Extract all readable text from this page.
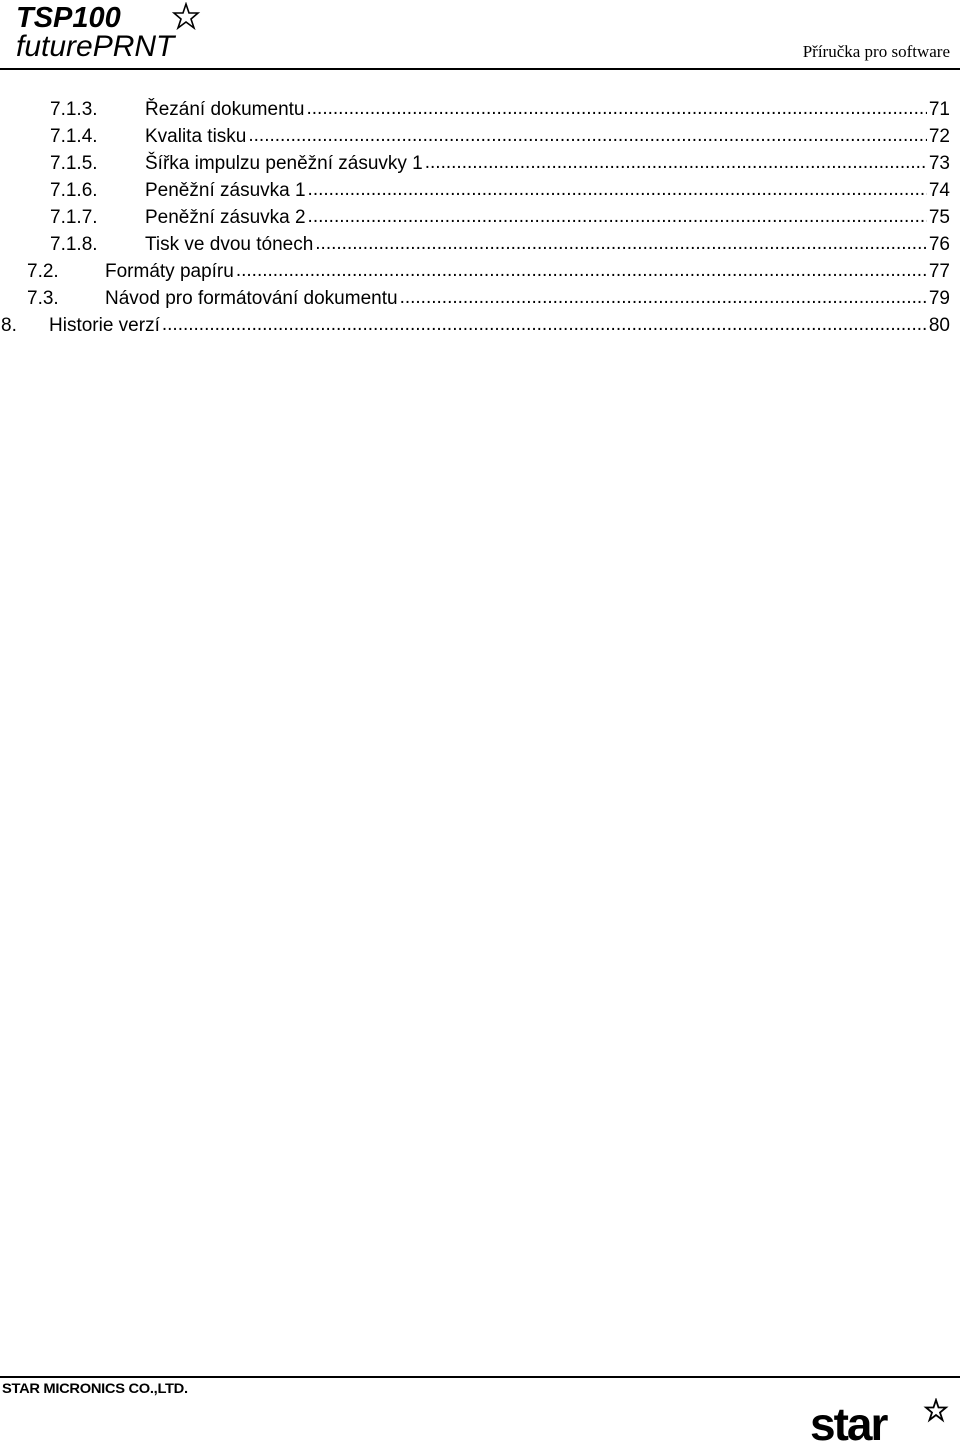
TSP100
futurePRNT	Příručka pro software
7.1.3.	Řezání dokumentu .....	71
7.1.4.	Kvalita tisku .....	72
7.1.5.	Šířka impulzu peněžní zásuvky 1 .....	73
7.1.6.	Peněžní zásuvka 1 .....	74
7.1.7.	Peněžní zásuvka 2 .....	75
7.1.8.	Tisk ve dvou tónech .....	76
7.2.	Formáty papíru .....	77
7.3.	Návod pro formátování dokumentu .....	79
8.	Historie verzí .....	80
STAR MICRONICS CO.,LTD.
star
